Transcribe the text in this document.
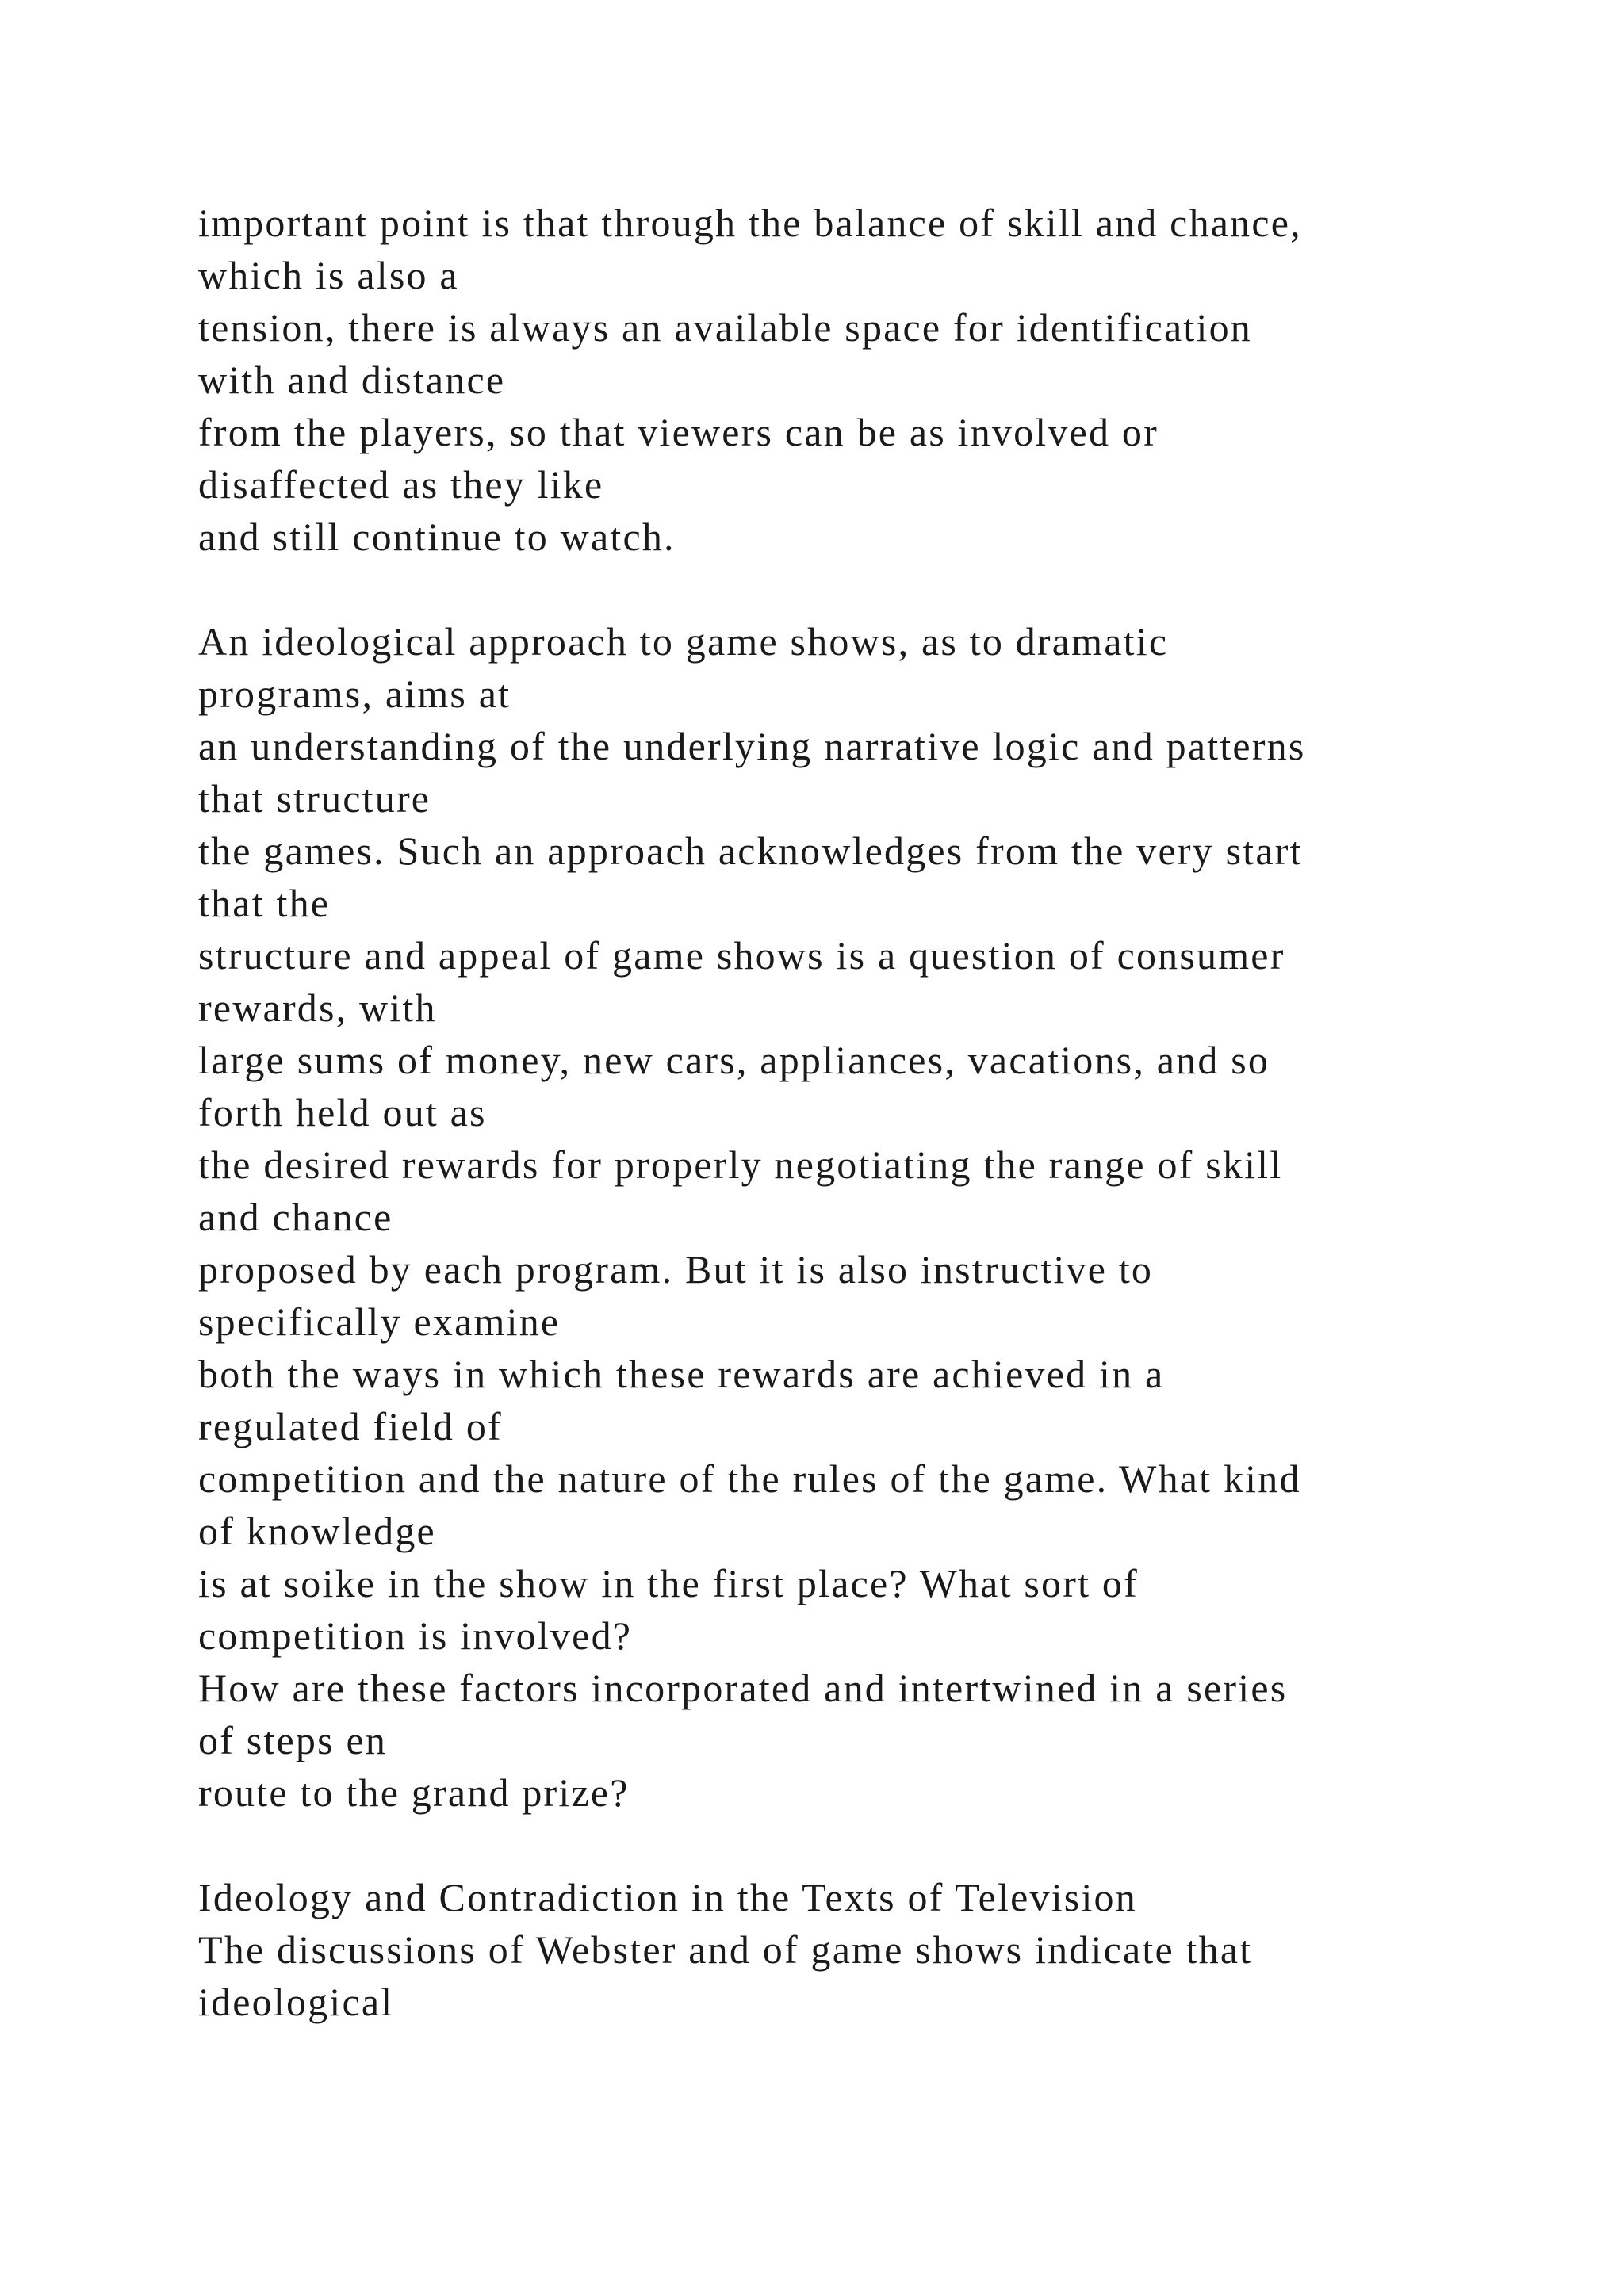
important point is that through the balance of skill and chance,
which is also a
tension, there is always an available space for identification
with and distance
from the players, so that viewers can be as involved or
disaffected as they like
and still continue to watch.
An ideological approach to game shows, as to dramatic
programs, aims at
an understanding of the underlying narrative logic and patterns
that structure
the games. Such an approach acknowledges from the very start
that the
structure and appeal of game shows is a question of consumer
rewards, with
large sums of money, new cars, appliances, vacations, and so
forth held out as
the desired rewards for properly negotiating the range of skill
and chance
proposed by each program. But it is also instructive to
specifically examine
both the ways in which these rewards are achieved in a
regulated field of
competition and the nature of the rules of the game. What kind
of knowledge
is at soike in the show in the first place? What sort of
competition is involved?
How are these factors incorporated and intertwined in a series
of steps en
route to the grand prize?
Ideology and Contradiction in the Texts of Television
The discussions of Webster and of game shows indicate that
ideological
